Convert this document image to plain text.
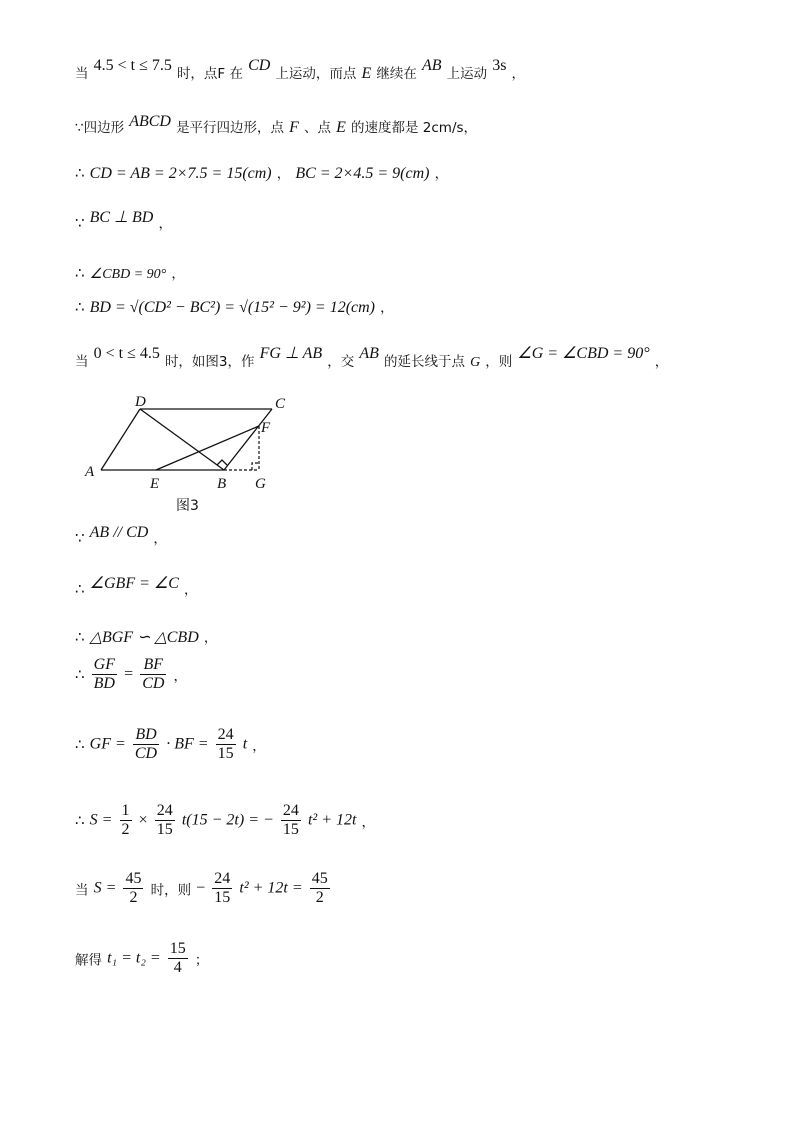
当 4.5 < t ≤ 7.5 时，点F 在 CD 上运动，而点 E 继续在 AB 上运动 3s ，
∵四边形 ABCD 是平行四边形，点 F 、点 E 的速度都是 2cm/s，
∴ CD = AB = 2×7.5 = 15(cm) ， BC = 2×4.5 = 9(cm) ，
∵ BC ⊥ BD ，
∴ ∠CBD = 90° ，
∴ BD = √(CD² − BC²) = √(15² − 9²) = 12(cm) ，
当 0 < t ≤ 4.5 时，如图3，作 FG ⊥ AB ，交 AB 的延长线于点 G ，则 ∠G = ∠CBD = 90° ，
D	C
F
A
E	B G
图3
∵ AB // CD ，
∴ ∠GBF = ∠C ，
∴ △BGF ∽ △CBD ，
∴ $\frac{GF}{BD} = \frac{BF}{CD}$ ，
∴ GF = $\frac{BD}{CD}$ · BF = $\frac{24}{15}$ t ，
∴ $S = \frac{1}{2} \times \frac{24}{15} t(15 - 2t)$ = − $\frac{24}{15} t^2 + 12t$ ，
当 $S = \frac{45}{2}$ 时，则 − $\frac{24}{15} t^2 + 12t = \frac{45}{2}$
解得 $t_1 = t_2 = \frac{15}{4}$ ；
